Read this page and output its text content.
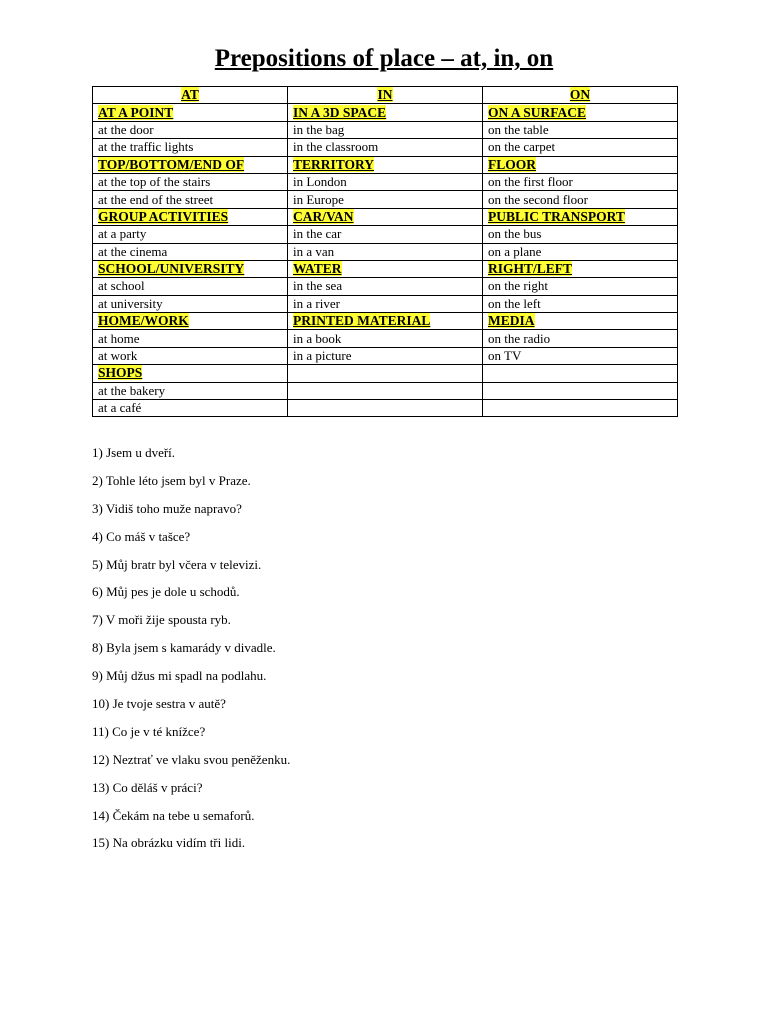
Prepositions of place – at, in, on
AT	IN	ON
AT A POINT	IN A 3D SPACE	ON A SURFACE
at the door	in the bag	on the table
at the traffic lights	in the classroom	on the carpet
TOP/BOTTOM/END OF	TERRITORY	FLOOR
at the top of the stairs	in London	on the first floor
at the end of the street	in Europe	on the second floor
GROUP ACTIVITIES	CAR/VAN	PUBLIC TRANSPORT
at a party	in the car	on the bus
at the cinema	in a van	on a plane
SCHOOL/UNIVERSITY	WATER	RIGHT/LEFT
at school	in the sea	on the right
at university	in a river	on the left
HOME/WORK	PRINTED MATERIAL	MEDIA
at home	in a book	on the radio
at work	in a picture	on TV
SHOPS		
at the bakery		
at a café		
1) Jsem u dveří.
2) Tohle léto jsem byl v Praze.
3) Vidiš toho muže napravo?
4) Co máš v tašce?
5) Můj bratr byl včera v televizi.
6) Můj pes je dole u schodů.
7) V moři žije spousta ryb.
8) Byla jsem s kamarády v divadle.
9) Můj džus mi spadl na podlahu.
10) Je tvoje sestra v autě?
11) Co je v té knížce?
12) Neztrať ve vlaku svou peněženku.
13) Co děláš v práci?
14) Čekám na tebe u semaforů.
15) Na obrázku vidím tři lidi.
